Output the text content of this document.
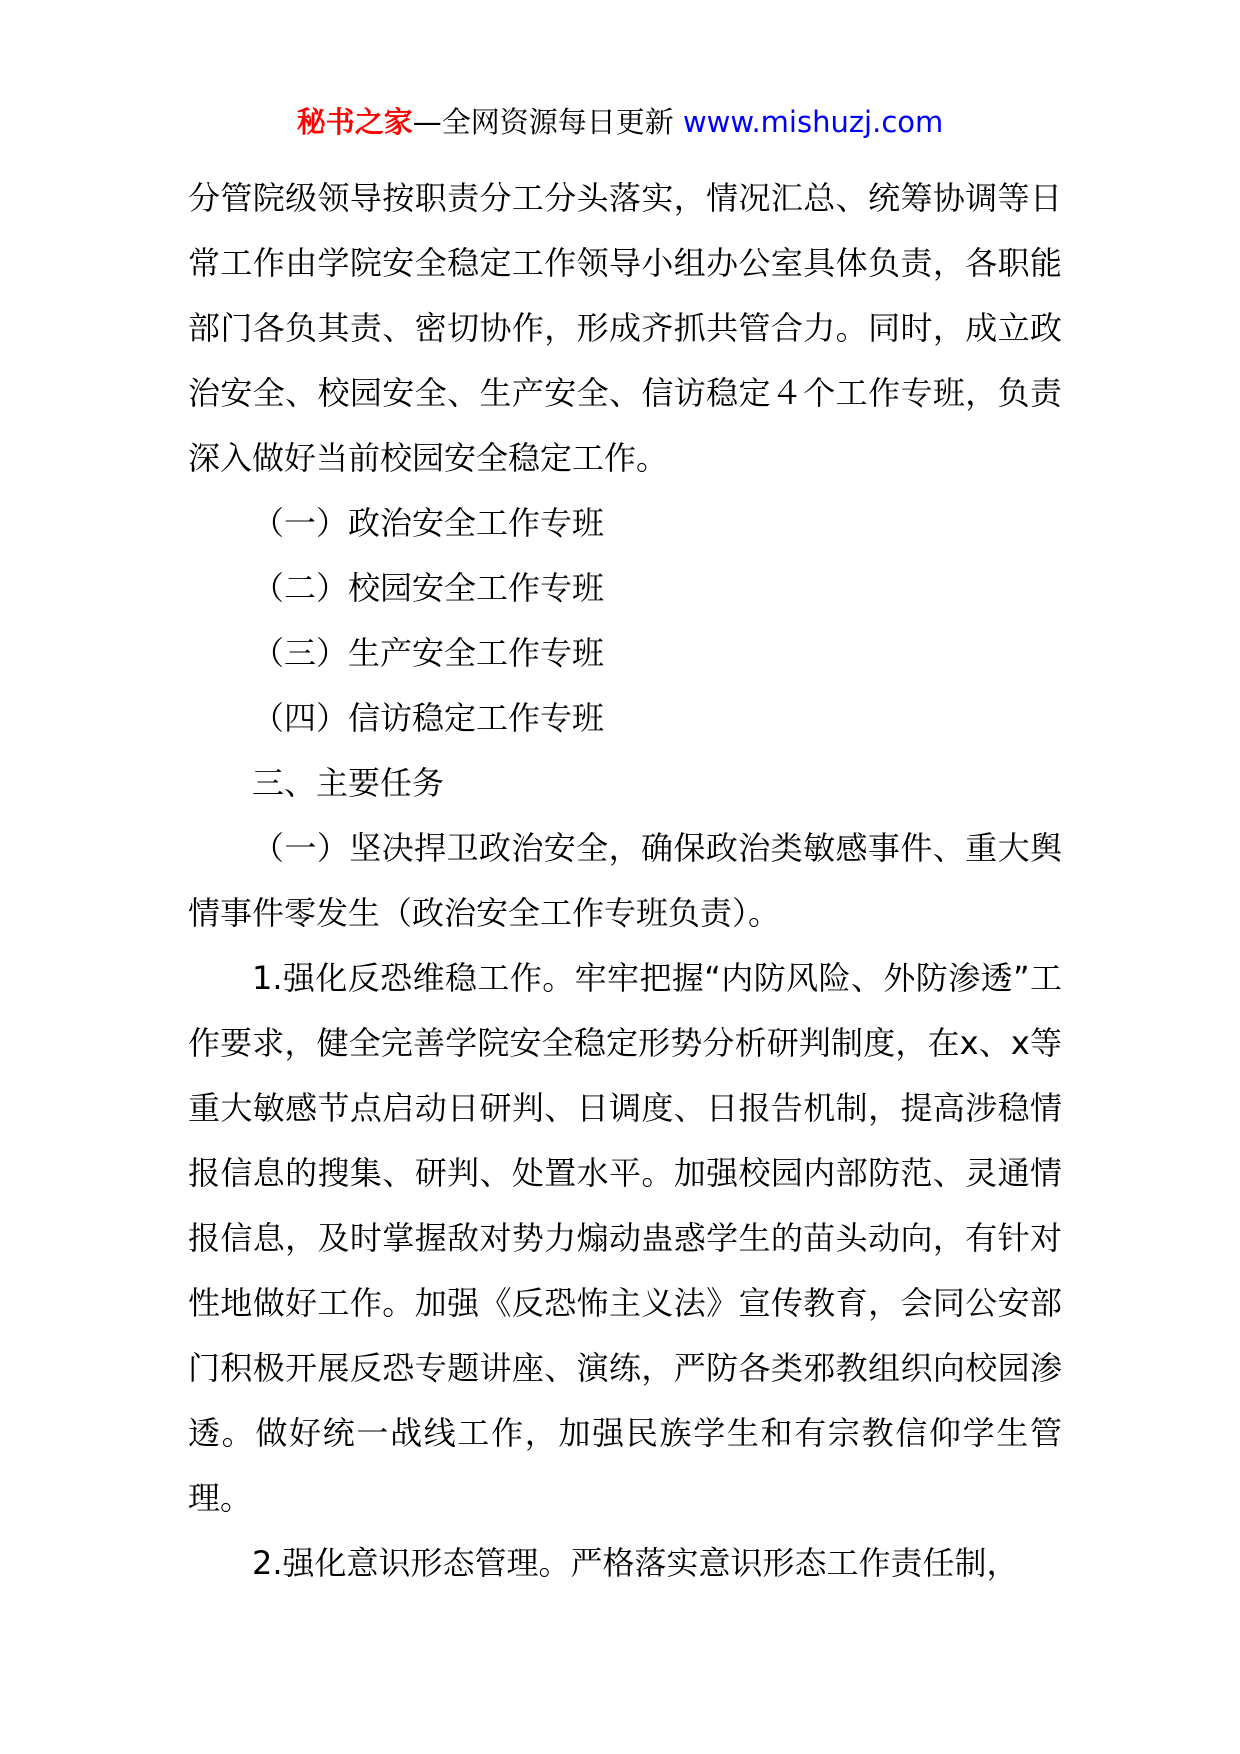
秘书之家—全网资源每日更新 www.mishuzj.com

分管院级领导按职责分工分头落实，情况汇总、统筹协调等日常工作由学院安全稳定工作领导小组办公室具体负责，各职能部门各负其责、密切协作，形成齐抓共管合力。同时，成立政治安全、校园安全、生产安全、信访稳定４个工作专班，负责深入做好当前校园安全稳定工作。

（一）政治安全工作专班

（二）校园安全工作专班

（三）生产安全工作专班

（四）信访稳定工作专班

三、主要任务

（一）坚决捍卫政治安全，确保政治类敏感事件、重大舆情事件零发生（政治安全工作专班负责）。

1.强化反恐维稳工作。牢牢把握“内防风险、外防渗透”工作要求，健全完善学院安全稳定形势分析研判制度，在x、x等重大敏感节点启动日研判、日调度、日报告机制，提高涉稳情报信息的搜集、研判、处置水平。加强校园内部防范、灵通情报信息，及时掌握敌对势力煽动蛊惑学生的苗头动向，有针对性地做好工作。加强《反恐怖主义法》宣传教育，会同公安部门积极开展反恐专题讲座、演练，严防各类邪教组织向校园渗透。做好统一战线工作，加强民族学生和有宗教信仰学生管理。

2.强化意识形态管理。严格落实意识形态工作责任制，
